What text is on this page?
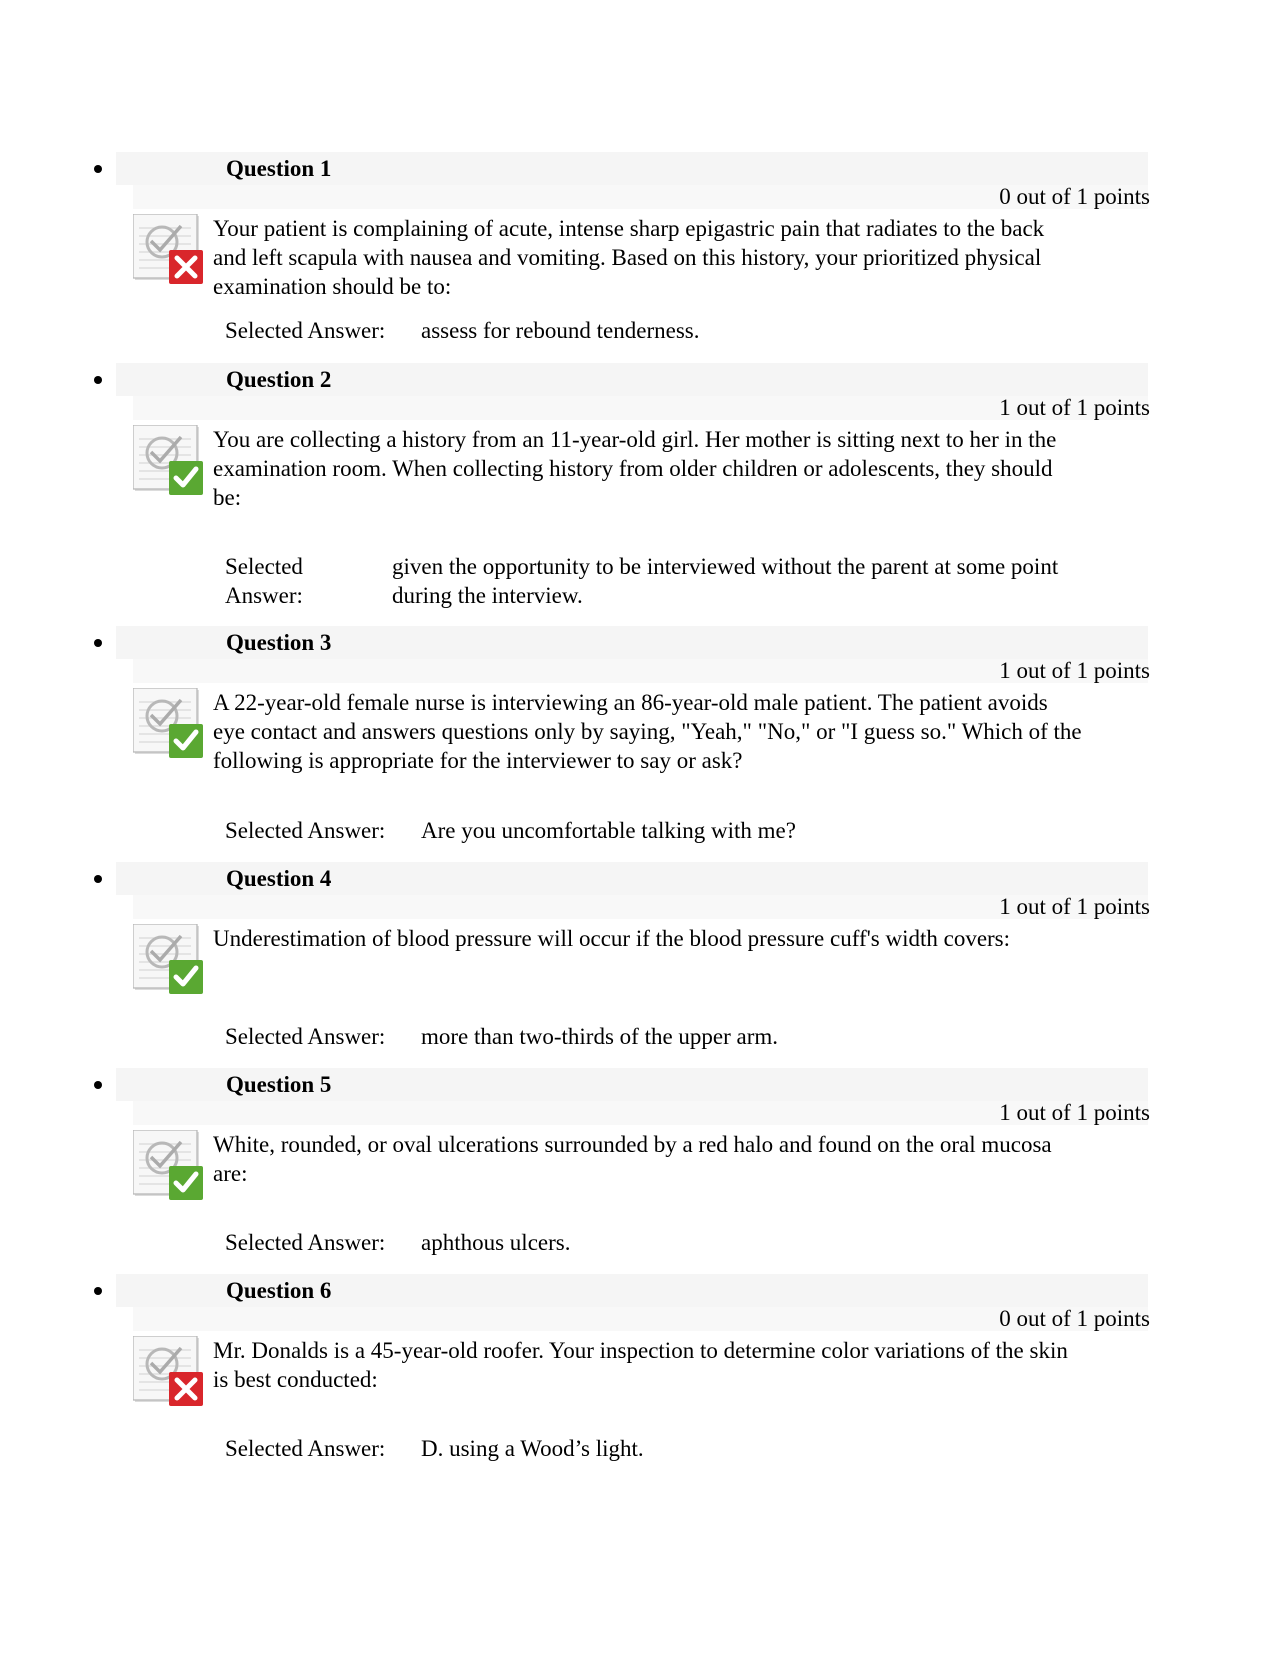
Question 1
0 out of 1 points
Your patient is complaining of acute, intense sharp epigastric pain that radiates to the back and left scapula with nausea and vomiting. Based on this history, your prioritized physical examination should be to:
Selected Answer: assess for rebound tenderness.
Question 2
1 out of 1 points
You are collecting a history from an 11-year-old girl. Her mother is sitting next to her in the examination room. When collecting history from older children or adolescents, they should be:
Selected Answer:
given the opportunity to be interviewed without the parent at some point during the interview.
Question 3
1 out of 1 points
A 22-year-old female nurse is interviewing an 86-year-old male patient. The patient avoids eye contact and answers questions only by saying, "Yeah," "No," or "I guess so." Which of the following is appropriate for the interviewer to say or ask?
Selected Answer: Are you uncomfortable talking with me?
Question 4
1 out of 1 points
Underestimation of blood pressure will occur if the blood pressure cuff's width covers:
Selected Answer: more than two-thirds of the upper arm.
Question 5
1 out of 1 points
White, rounded, or oval ulcerations surrounded by a red halo and found on the oral mucosa are:
Selected Answer: aphthous ulcers.
Question 6
0 out of 1 points
Mr. Donalds is a 45-year-old roofer. Your inspection to determine color variations of the skin is best conducted:
Selected Answer: D. using a Wood’s light.
